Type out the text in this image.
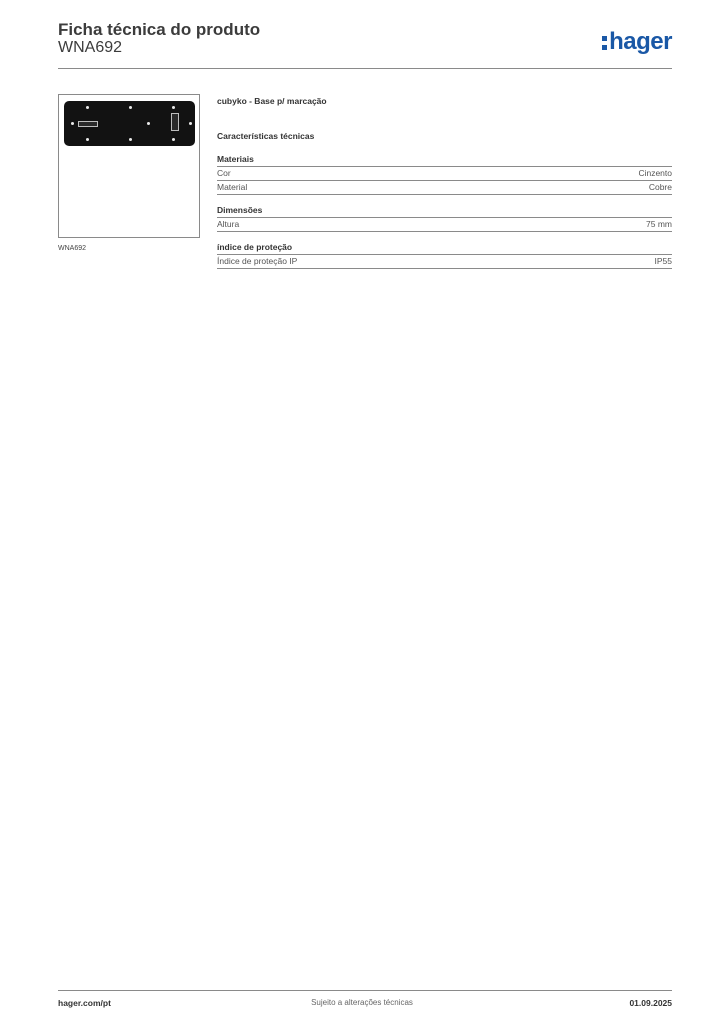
Ficha técnica do produto
WNA692	hager
WNA692
cubyko - Base p/ marcação
Características técnicas
Materiais
Cor	Cinzento
Material	Cobre
Dimensões
Altura	75 mm
índice de proteção
Índice de proteção IP	IP55
hager.com/pt	Sujeito a alterações técnicas	01.09.2025
